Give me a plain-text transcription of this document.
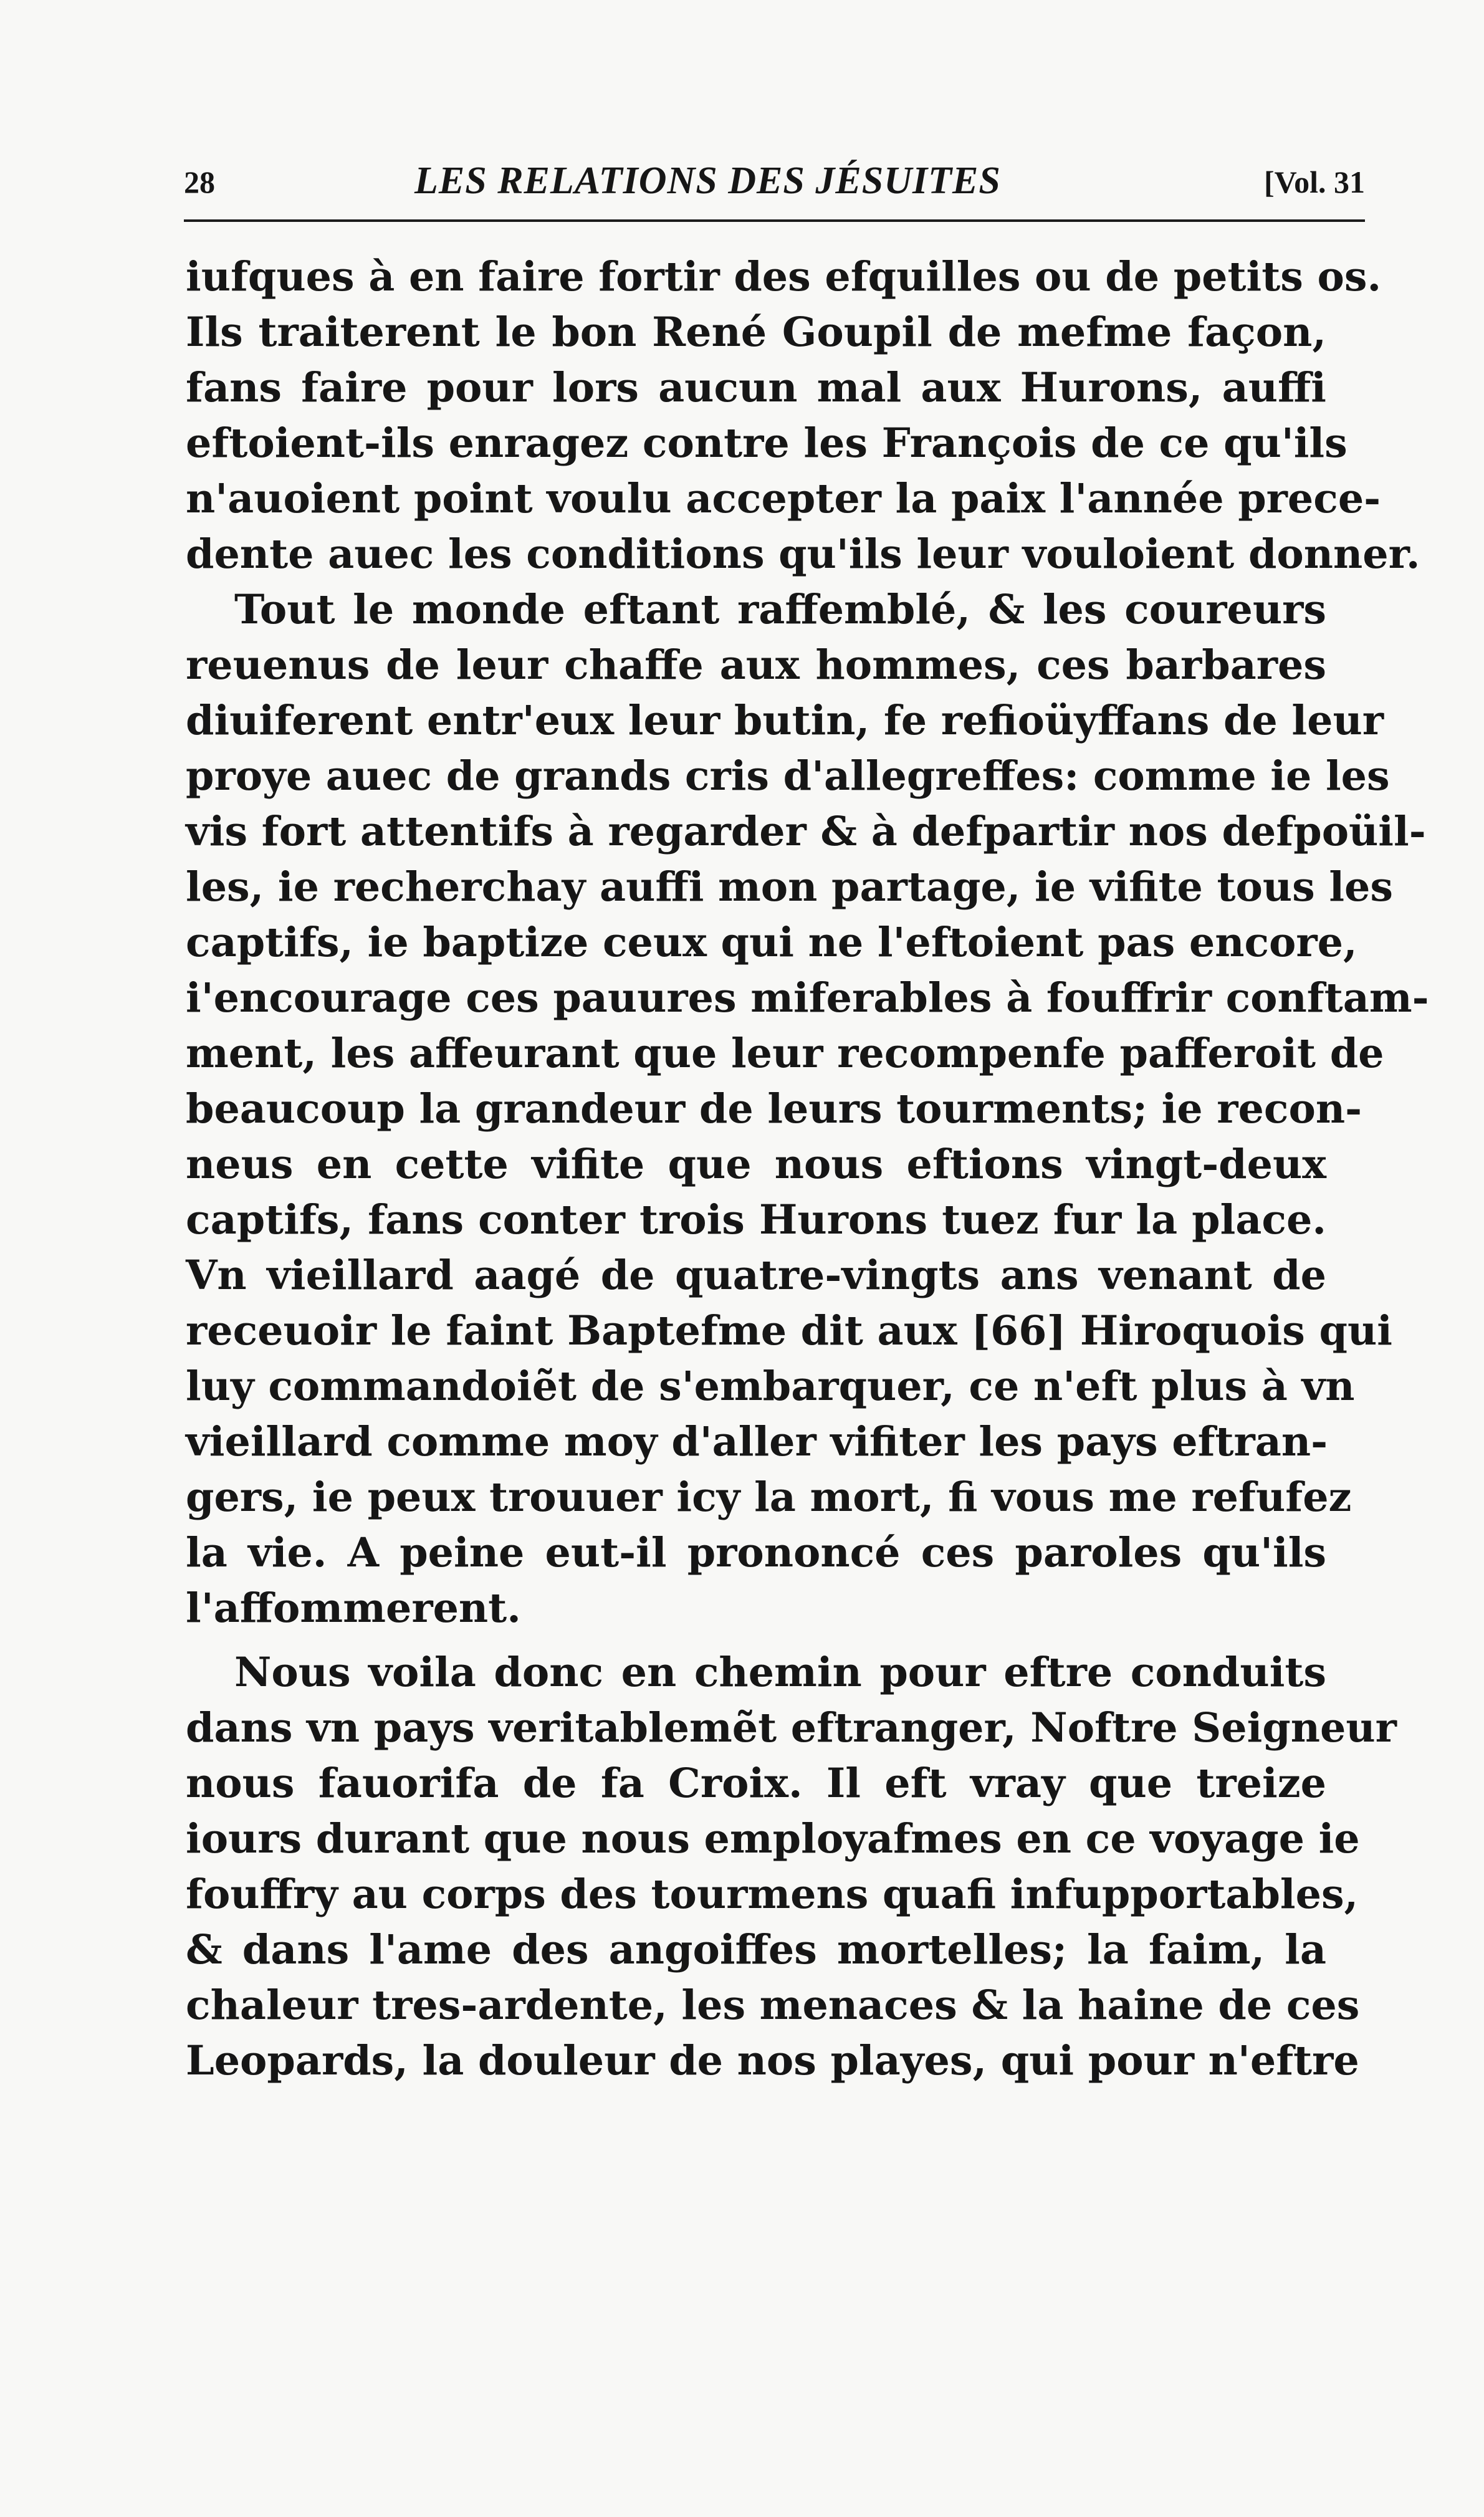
28	LES RELATIONS DES JÉSUITES	[Vol. 31
iufques à en faire fortir des efquilles ou de petits os.
Ils traiterent le bon René Goupil de mefme façon,
fans faire pour lors aucun mal aux Hurons, auffi
eftoient-ils enragez contre les François de ce qu'ils
n'auoient point voulu accepter la paix l'année prece-
dente auec les conditions qu'ils leur vouloient donner.
Tout le monde eftant raffemblé, & les coureurs
reuenus de leur chaffe aux hommes, ces barbares
diuiferent entr'eux leur butin, fe refioüyffans de leur
proye auec de grands cris d'allegreffes: comme ie les
vis fort attentifs à regarder & à defpartir nos defpoüil-
les, ie recherchay auffi mon partage, ie vifite tous les
captifs, ie baptize ceux qui ne l'eftoient pas encore,
i'encourage ces pauures miferables à fouffrir conftam-
ment, les affeurant que leur recompenfe pafferoit de
beaucoup la grandeur de leurs tourments; ie recon-
neus en cette vifite que nous eftions vingt-deux
captifs, fans conter trois Hurons tuez fur la place.
Vn vieillard aagé de quatre-vingts ans venant de
receuoir le faint Baptefme dit aux [66] Hiroquois qui
luy commandoiẽt de s'embarquer, ce n'eft plus à vn
vieillard comme moy d'aller vifiter les pays eftran-
gers, ie peux trouuer icy la mort, fi vous me refufez
la vie. A peine eut-il prononcé ces paroles qu'ils
l'affommerent.
Nous voila donc en chemin pour eftre conduits
dans vn pays veritablemẽt eftranger, Noftre Seigneur
nous fauorifa de fa Croix. Il eft vray que treize
iours durant que nous employafmes en ce voyage ie
fouffry au corps des tourmens quafi infupportables,
& dans l'ame des angoiffes mortelles; la faim, la
chaleur tres-ardente, les menaces & la haine de ces
Leopards, la douleur de nos playes, qui pour n'eftre
